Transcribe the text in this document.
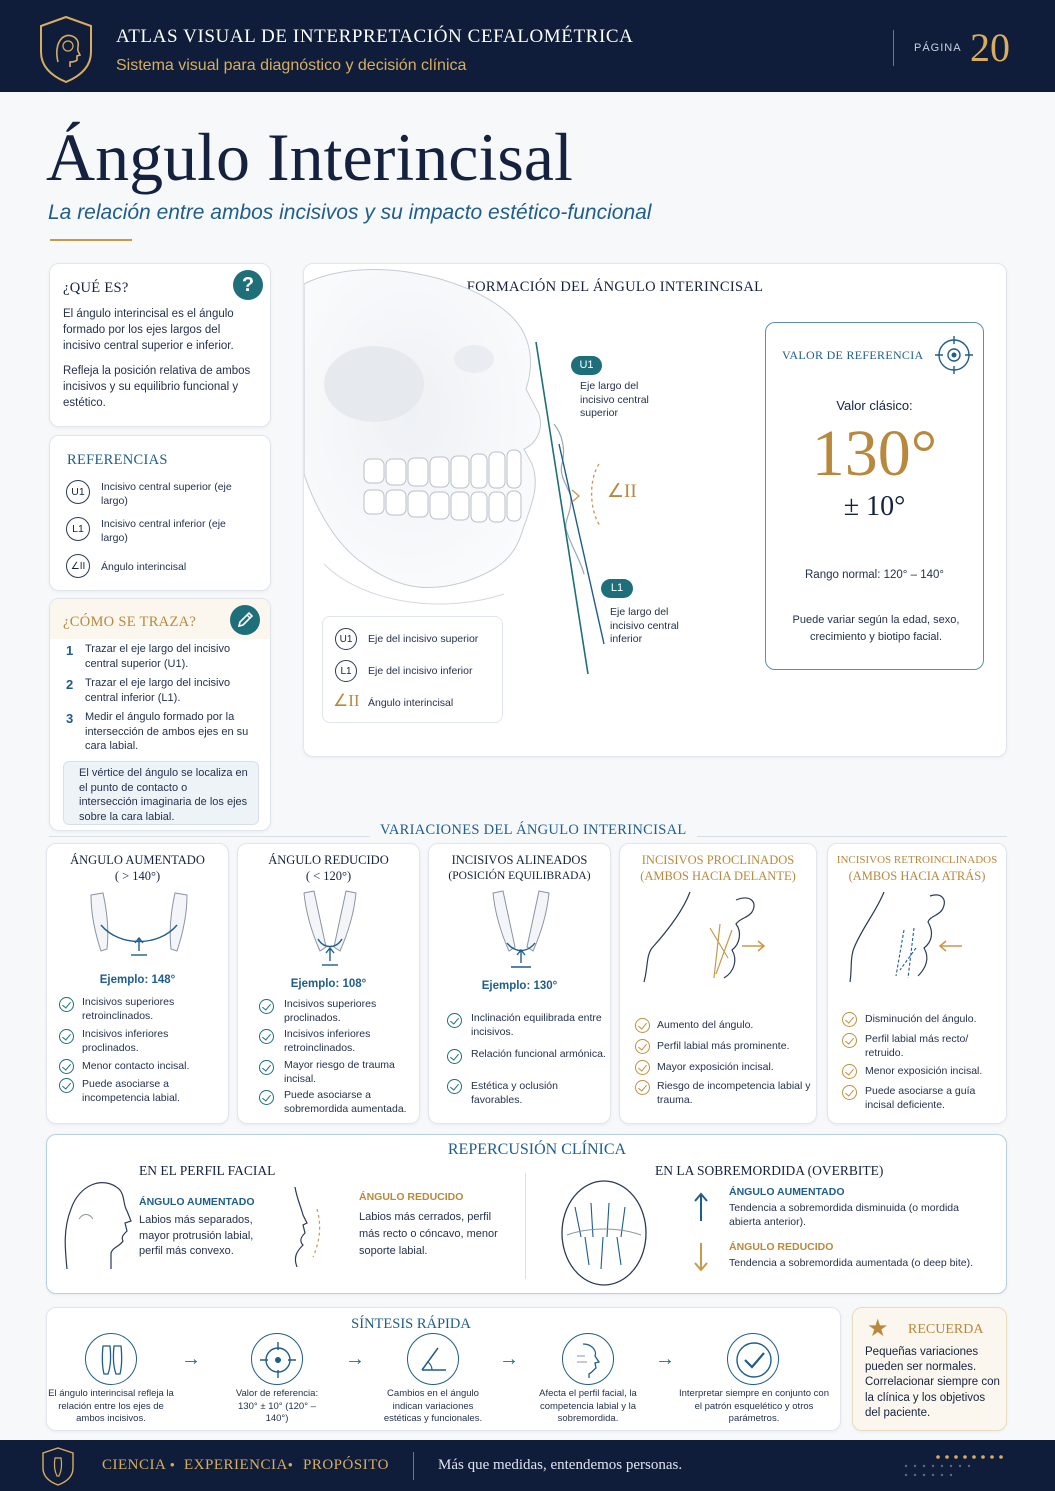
ATLAS VISUAL DE INTERPRETACIÓN CEFALOMÉTRICA
Sistema visual para diagnóstico y decisión clínica
PÁGINA 20
Ángulo Interincisal
La relación entre ambos incisivos y su impacto estético-funcional
¿QUÉ ES?	?
El ángulo interincisal es el ángulo formado por los ejes largos del incisivo central superior e inferior.
Refleja la posición relativa de ambos incisivos y su equilibrio funcional y estético.
REFERENCIAS
U1	Incisivo central superior (eje largo)
L1	Incisivo central inferior (eje largo)
∠II	Ángulo interincisal
¿CÓMO SE TRAZA?
1 Trazar el eje largo del incisivo central superior (U1).
2 Trazar el eje largo del incisivo central inferior (L1).
3 Medir el ángulo formado por la intersección de ambos ejes en su cara labial.
El vértice del ángulo se localiza en el punto de contacto o intersección imaginaria de los ejes sobre la cara labial.
FORMACIÓN DEL ÁNGULO INTERINCISAL
U1
Eje largo del incisivo central superior
∠II
L1
Eje largo del incisivo central inferior
U1	Eje del incisivo superior
L1	Eje del incisivo inferior
∠II Ángulo interincisal
VALOR DE REFERENCIA
Valor clásico:
130°
± 10°
Rango normal: 120° – 140°
Puede variar según la edad, sexo, crecimiento y biotipo facial.
VARIACIONES DEL ÁNGULO INTERINCISAL
ÁNGULO AUMENTADO
( > 140°)
Ejemplo: 148°
Incisivos superiores retroinclinados.
Incisivos inferiores proclinados.
Menor contacto incisal.
Puede asociarse a incompetencia labial.
ÁNGULO REDUCIDO
( < 120°)
Ejemplo: 108°
Incisivos superiores proclinados.
Incisivos inferiores retroinclinados.
Mayor riesgo de trauma incisal.
Puede asociarse a sobremordida aumentada.
INCISIVOS ALINEADOS
(POSICIÓN EQUILIBRADA)
Ejemplo: 130°
Inclinación equilibrada entre incisivos.
Relación funcional armónica.
Estética y oclusión favorables.
INCISIVOS PROCLINADOS
(AMBOS HACIA DELANTE)
Aumento del ángulo.
Perfil labial más prominente.
Mayor exposición incisal.
Riesgo de incompetencia labial y trauma.
INCISIVOS RETROINCLINADOS
(AMBOS HACIA ATRÁS)
Disminución del ángulo.
Perfil labial más recto/ retruido.
Menor exposición incisal.
Puede asociarse a guía incisal deficiente.
REPERCUSIÓN CLÍNICA
EN EL PERFIL FACIAL
ÁNGULO AUMENTADO
Labios más separados, mayor protrusión labial, perfil más convexo.
ÁNGULO REDUCIDO
Labios más cerrados, perfil más recto o cóncavo, menor soporte labial.
EN LA SOBREMORDIDA (OVERBITE)
ÁNGULO AUMENTADO
Tendencia a sobremordida disminuida (o mordida abierta anterior).
ÁNGULO REDUCIDO
Tendencia a sobremordida aumentada (o deep bite).
SÍNTESIS RÁPIDA
→	→	→	→
El ángulo interincisal refleja la relación entre los ejes de ambos incisivos.
Valor de referencia: 130° ± 10° (120° – 140°)
Cambios en el ángulo indican variaciones estéticas y funcionales.
Afecta el perfil facial, la competencia labial y la sobremordida.
Interpretar siempre en conjunto con el patrón esquelético y otros parámetros.
★ RECUERDA
Pequeñas variaciones pueden ser normales. Correlacionar siempre con la clínica y los objetivos del paciente.
CIENCIA • EXPERIENCIA • PROPÓSITO	Más que medidas, entendemos personas.
